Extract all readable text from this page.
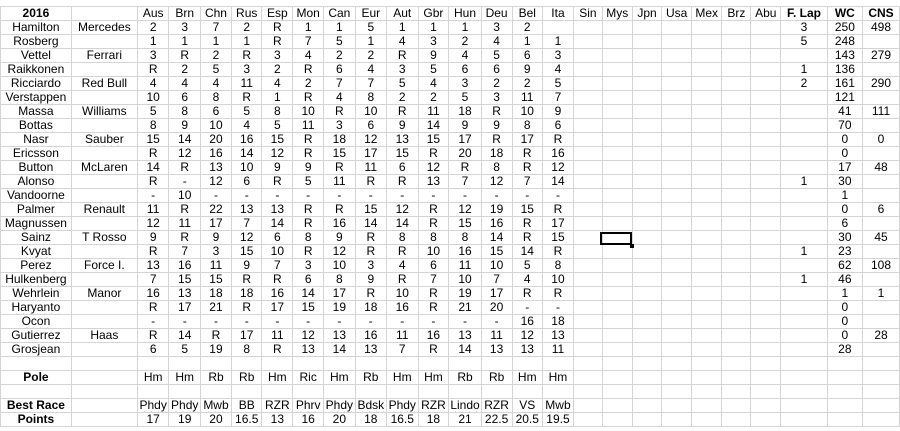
2016		Aus	Brn	Chn	Rus	Esp	Mon	Can	Eur	Aut	Gbr	Hun	Deu	Bel	Ita	Sin	Mys	Jpn	Usa	Mex	Brz	Abu	F. Lap	WC	CNS
Hamilton	Mercedes	2	3	7	2	R	1	1	5	1	1	1	3	2									3	250	498
Rosberg		1	1	1	1	R	7	5	1	4	3	2	4	1	1								5	248	
Vettel	Ferrari	3	R	2	R	3	4	2	2	R	9	4	5	6	3									143	279
Raikkonen		R	2	5	3	2	R	6	4	3	5	6	6	9	4								1	136	
Ricciardo	Red Bull	4	4	4	11	4	2	7	7	5	4	3	2	2	5								2	161	290
Verstappen		10	6	8	R	1	R	4	8	2	2	5	3	11	7									121	
Massa	Williams	5	8	6	5	8	10	R	10	R	11	18	R	10	9									41	111
Bottas		8	9	10	4	5	11	3	6	9	14	9	9	8	6									70	
Nasr	Sauber	15	14	20	16	15	R	18	12	13	15	17	R	17	R									0	0
Ericsson		R	12	16	14	12	R	15	17	15	R	20	18	R	16									0	
Button	McLaren	14	R	13	10	9	9	R	11	6	12	R	8	R	12									17	48
Alonso		R	-	12	6	R	5	11	R	R	13	7	12	7	14								1	30	
Vandoorne		-	10	-	-	-	-	-	-	-	-	-	-	-	-									1	
Palmer	Renault	11	R	22	13	13	R	R	15	12	R	12	19	15	R									0	6
Magnussen		12	11	17	7	14	R	16	14	14	R	15	16	R	17									6	
Sainz	T Rosso	9	R	9	12	6	8	9	R	8	8	8	14	R	15									30	45
Kvyat		R	7	3	15	10	R	12	R	R	10	16	15	14	R								1	23	
Perez	Force I.	13	16	11	9	7	3	10	3	4	6	11	10	5	8									62	108
Hulkenberg		7	15	15	R	R	6	8	9	R	7	10	7	4	10								1	46	
Wehrlein	Manor	16	13	18	18	16	14	17	R	10	R	19	17	R	R									1	1
Haryanto		R	17	21	R	17	15	19	18	16	R	21	20	-	-									0	
Ocon		-	-	-	-	-	-	-	-	-	-	-	-	16	18									0	
Gutierrez	Haas	R	14	R	17	11	12	13	16	11	16	13	11	12	13									0	28
Grosjean		6	5	19	8	R	13	14	13	7	R	14	13	13	11									28	

Pole		Hm	Hm	Rb	Rb	Hm	Ric	Hm	Rb	Hm	Hm	Rb	Rb	Hm	Hm										

Best Race		Phdy	Phdy	Mwb	BB	RZR	Phrv	Phdy	Bdsk	Phdy	RZR	Lindo	RZR	VS	Mwb										
Points		17	19	20	16.5	13	16	20	18	16.5	18	21	22.5	20.5	19.5										
